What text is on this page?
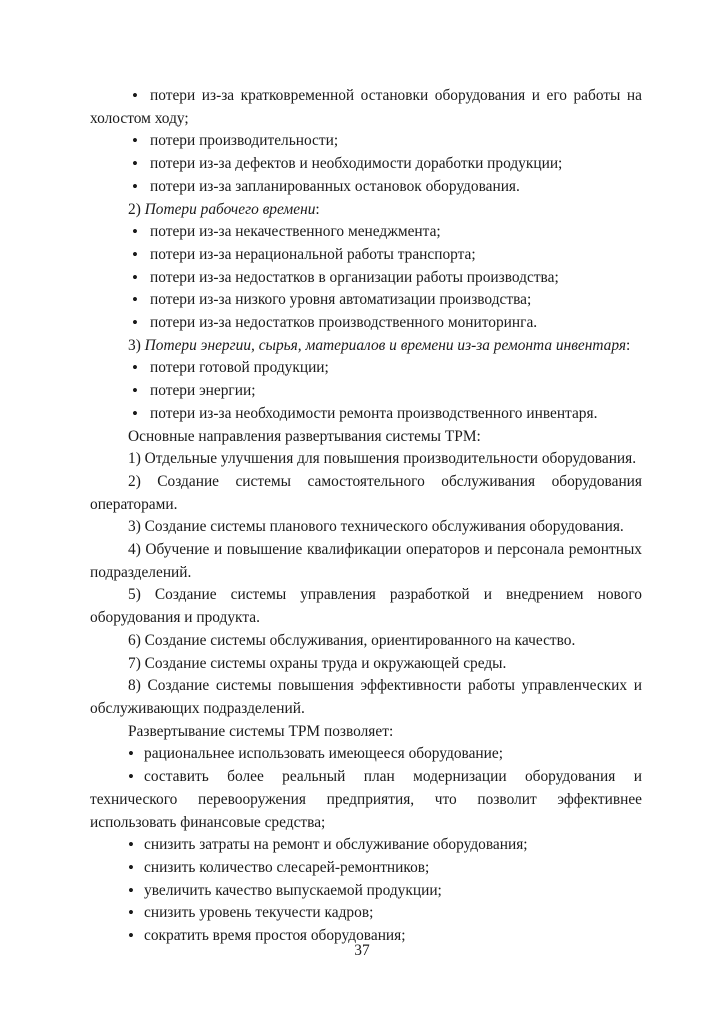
• потери из-за кратковременной остановки оборудования и его работы на холостом ходу;

• потери производительности;

• потери из-за дефектов и необходимости доработки продукции;

• потери из-за запланированных остановок оборудования.

2) Потери рабочего времени:

• потери из-за некачественного менеджмента;

• потери из-за нерациональной работы транспорта;

• потери из-за недостатков в организации работы производства;

• потери из-за низкого уровня автоматизации производства;

• потери из-за недостатков производственного мониторинга.

3) Потери энергии, сырья, материалов и времени из-за ремонта инвентаря:

• потери готовой продукции;

• потери энергии;

• потери из-за необходимости ремонта производственного инвентаря.

Основные направления развертывания системы ТРМ:

1) Отдельные улучшения для повышения производительности оборудования.

2) Создание системы самостоятельного обслуживания оборудования операторами.

3) Создание системы планового технического обслуживания оборудования.

4) Обучение и повышение квалификации операторов и персонала ремонтных подразделений.

5) Создание системы управления разработкой и внедрением нового оборудования и продукта.

6) Создание системы обслуживания, ориентированного на качество.

7) Создание системы охраны труда и окружающей среды.

8) Создание системы повышения эффективности работы управленческих и обслуживающих подразделений.

Развертывание системы ТРМ позволяет:

• рациональнее использовать имеющееся оборудование;

• составить более реальный план модернизации оборудования и технического перевооружения предприятия, что позволит эффективнее использовать финансовые средства;

• снизить затраты на ремонт и обслуживание оборудования;

• снизить количество слесарей-ремонтников;

• увеличить качество выпускаемой продукции;

• снизить уровень текучести кадров;

• сократить время простоя оборудования;

37
